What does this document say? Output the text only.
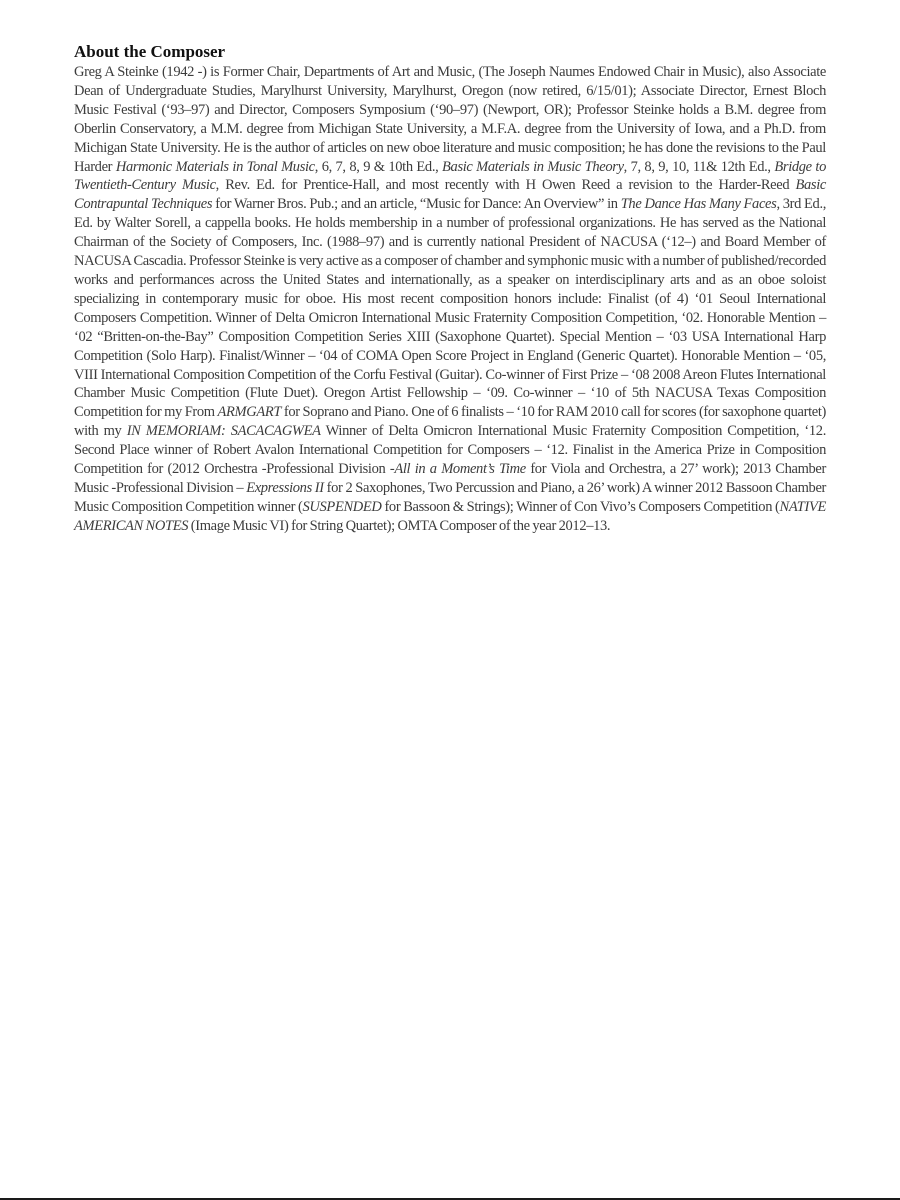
About the Composer

Greg A Steinke (1942 -) is Former Chair, Departments of Art and Music, (The Joseph Naumes Endowed Chair in Music), also Associate Dean of Undergraduate Studies, Marylhurst University, Marylhurst, Oregon (now retired, 6/15/01); Associate Director, Ernest Bloch Music Festival (‘93–97) and Director, Composers Symposium (‘90–97) (Newport, OR); Professor Steinke holds a B.M. degree from Oberlin Conservatory, a M.M. degree from Michigan State University, a M.F.A. degree from the University of Iowa, and a Ph.D. from Michigan State University. He is the author of articles on new oboe literature and music composition; he has done the revisions to the Paul Harder Harmonic Materials in Tonal Music, 6, 7, 8, 9 & 10th Ed., Basic Materials in Music Theory, 7, 8, 9, 10, 11& 12th Ed., Bridge to Twentieth-Century Music, Rev. Ed. for Prentice-Hall, and most recently with H Owen Reed a revision to the Harder-Reed Basic Contrapuntal Techniques for Warner Bros. Pub.; and an article, “Music for Dance: An Overview” in The Dance Has Many Faces, 3rd Ed., Ed. by Walter Sorell, a cappella books. He holds membership in a number of professional organizations. He has served as the National Chairman of the Society of Composers, Inc. (1988–97) and is currently national President of NACUSA (‘12–) and Board Member of NACUSA Cascadia. Professor Steinke is very active as a composer of chamber and symphonic music with a number of published/recorded works and performances across the United States and internationally, as a speaker on interdisciplinary arts and as an oboe soloist specializing in contemporary music for oboe. His most recent composition honors include: Finalist (of 4) ‘01 Seoul International Composers Competition. Winner of Delta Omicron International Music Fraternity Composition Competition, ‘02. Honorable Mention – ‘02 “Britten-on-the-Bay” Composition Competition Series XIII (Saxophone Quartet). Special Mention – ‘03 USA International Harp Competition (Solo Harp). Finalist/Winner – ‘04 of COMA Open Score Project in England (Generic Quartet). Honorable Mention – ‘05, VIII International Composition Competition of the Corfu Festival (Guitar). Co-winner of First Prize – ‘08 2008 Areon Flutes International Chamber Music Competition (Flute Duet). Oregon Artist Fellowship – ‘09. Co-winner – ‘10 of 5th NACUSA Texas Composition Competition for my From ARMGART for Soprano and Piano. One of 6 finalists – ‘10 for RAM 2010 call for scores (for saxophone quartet) with my IN MEMORIAM: SACACAGWEA Winner of Delta Omicron International Music Fraternity Composition Competition, ‘12. Second Place winner of Robert Avalon International Competition for Composers – ‘12. Finalist in the America Prize in Composition Competition for (2012 Orchestra -Professional Division -All in a Moment’s Time for Viola and Orchestra, a 27’ work); 2013 Chamber Music -Professional Division – Expressions II for 2 Saxophones, Two Percussion and Piano, a 26’ work) A winner 2012 Bassoon Chamber Music Composition Competition winner (SUSPENDED for Bassoon & Strings); Winner of Con Vivo’s Composers Competition (NATIVE AMERICAN NOTES (Image Music VI) for String Quartet); OMTA Composer of the year 2012–13.
